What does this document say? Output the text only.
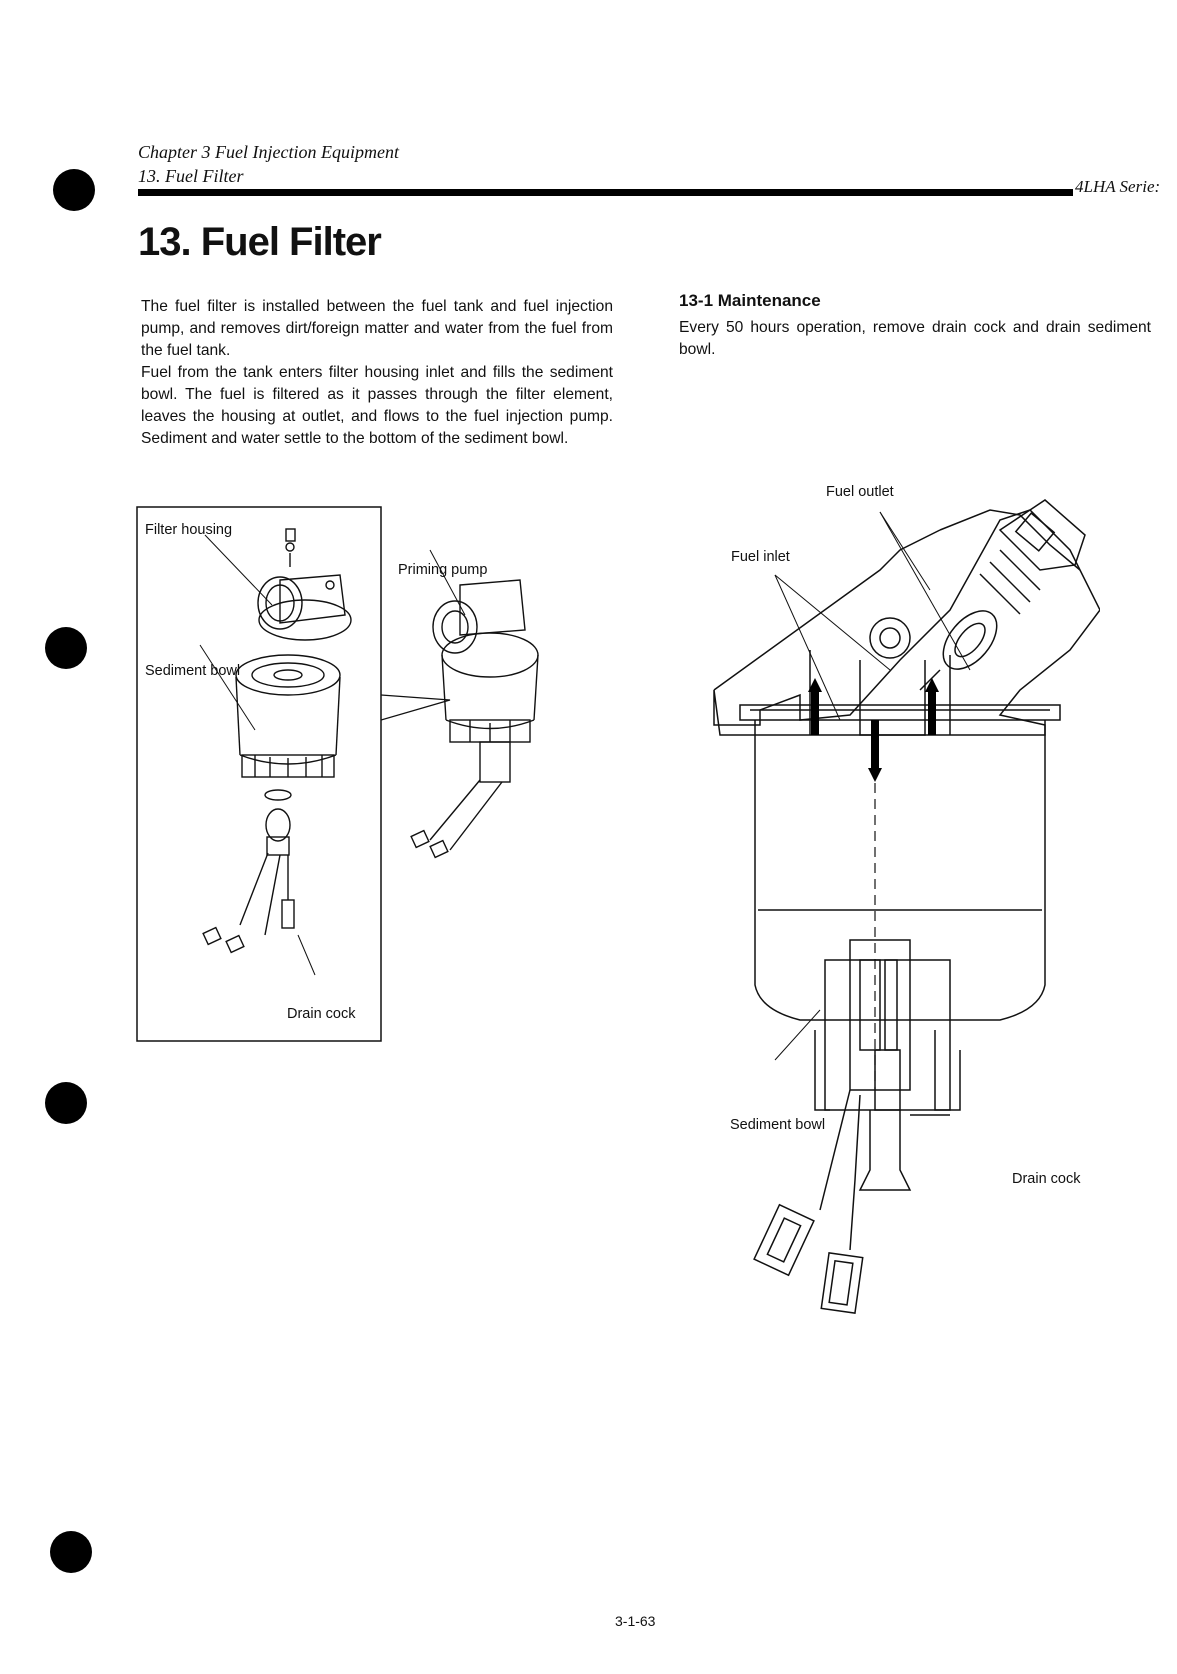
Chapter 3 Fuel Injection Equipment
13. Fuel Filter
4LHA Serie:
13. Fuel Filter
The fuel filter is installed between the fuel tank and fuel injection pump, and removes dirt/foreign matter and water from the fuel from the fuel tank.
Fuel from the tank enters filter housing inlet and fills the sediment bowl. The fuel is filtered as it passes through the filter element, leaves the housing at outlet, and flows to the fuel injection pump. Sediment and water settle to the bottom of the sediment bowl.
13-1 Maintenance
Every 50 hours operation, remove drain cock and drain sediment bowl.
Filter housing
Sediment bowl
Drain cock
Priming pump
Fuel outlet
Fuel inlet
Sediment bowl
Drain cock
3-1-63
